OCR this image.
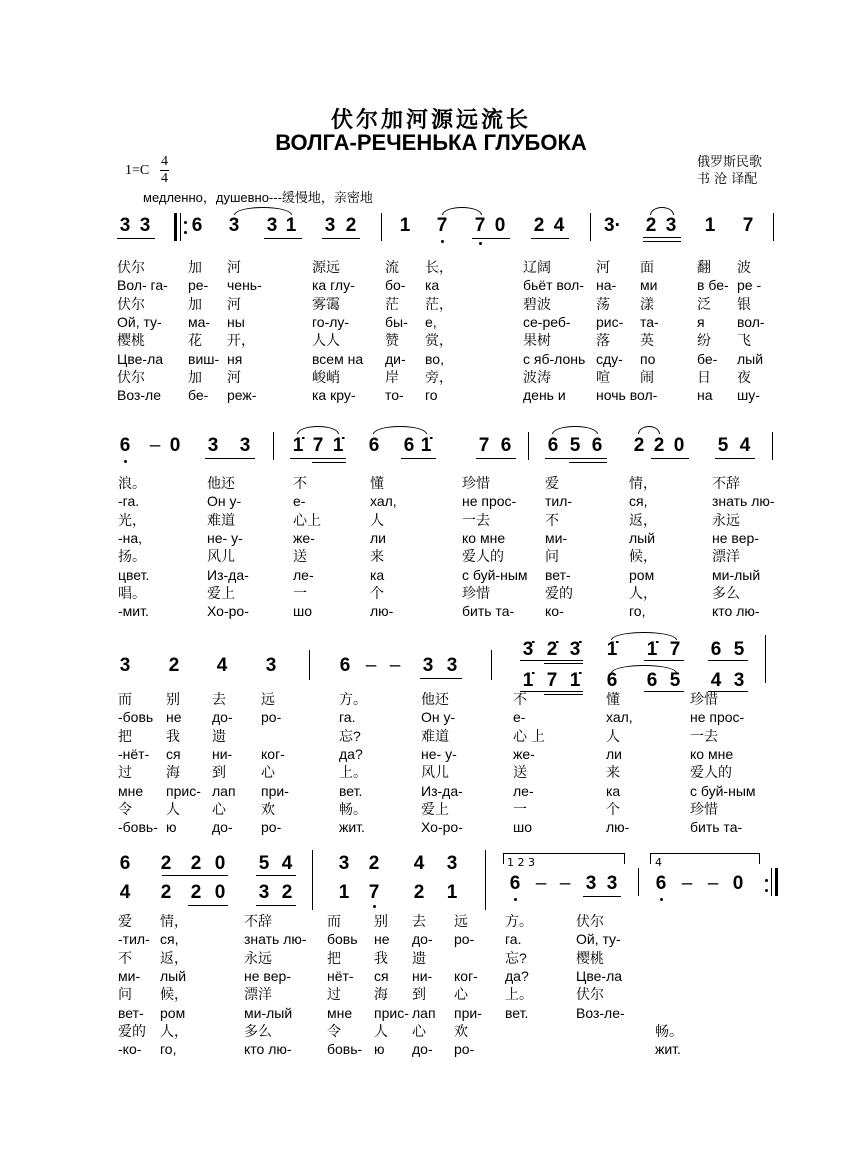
伏尔加河源远流长
ВОЛГА-РЕЧЕНЬКА ГЛУБОКА
1=C
4
4
медленно，душевно---缓慢地，亲密地
俄罗斯民歌
书 沧 译配
3 3 6 3 3 1 3 2 1 7 7 0 2 4 3· 2 3 1 7
6 – 0 3 3 1̇ 7 1̇ 6 6 1̇ 7 6 6 5 6 2 2 0 5 4
3 2 4 3	6 – – 3 3
3̇ 2̇ 3̇ 1̇ 1̇ 7 6 5
1̇ 7 1̇ 6 6 5 4 3
6 2 2 0 5 4 3 2 4 3
4 2 2 0 3 2 1 7 2 1
1 2 3
6 – – 3 3
4
6 – – 0
伏尔	加 河	源远	流 长，	辽阔	河 面	翻 波
Вол- га- ре- чень-	ка глу- бо- ка	бьёт вол- на- ми	в бе- ре -
伏尔	加 河	雾霭	茫 茫，	碧波	荡 漾	泛 银
Ой, ту- ма- ны	го-лу-	бы- е,	се-реб- рис- та-	я вол-
樱桃	花 开，	人人	赞 赏，	果树	落 英	纷 飞
Цве-ла виш- ня	всем на ди- во,	с яб-лонь сду- по	бе- лый
伏尔	加 河	峻峭	岸 旁，	波涛	喧 闹	日 夜
Воз-ле бе- реж-	ка кру- то- го	день и ночь вол-	на шу-
浪。	他还	不	懂	珍惜	爱	情，	不辞
-га.	Он у-	е-	хал,	не прос- тил-	ся,	знать лю-
光，	难道	心上	人	一去	不	返，	永远
-на,	не- у-	же-	ли	ко мне	ми-	лый	не вер-
扬。	风儿	送	来	爱人的	问	候，	漂洋
цвет.	Из-да-	ле-	ка	с буй-ным вет-	ром	ми-лый
唱。	爱上	一	个	珍惜	爱的	人，	多么
-мит.	Хо-ро-	шо	лю-	бить та- ко-	го,	кто лю-
而 别 去	远	方。	他还	不	懂	珍惜
-бовь не до- ро-	га.	Он у-	е-	хал,	не прос-
把 我 遗	忘?	难道	心 上	人	一去
-нёт- ся ни- ког-	да?	не- у-	же-	ли	ко мне
过 海 到	心	上。	风儿	送	来	爱人的
мне прис- лап при-	вет.	Из-да-	ле-	ка	с буй-ным
令 人 心	欢	畅。	爱上	一	个	珍惜
-бовь- ю	до- ро-	жит.	Хо-ро-	шо	лю-	бить та-
爱 情，	不辞	而 别 去 远	方。	伏尔
-тил- ся,	знать лю- бовь не до- ро- га.	Ой, ту-
不 返，	永远	把 我 遗	忘?	樱桃
ми- лый	не вер-	нёт- ся ни- ког- да?	Цве-ла
问 候，	漂洋	过 海 到 心	上。	伏尔
вет- ром	ми-лый мне прис- лап при- вет.	Воз-ле-
爱的 人，	多么	令 人 心 欢
-ко- го,	кто лю-	бовь- ю до- ро-
畅。
жит.
